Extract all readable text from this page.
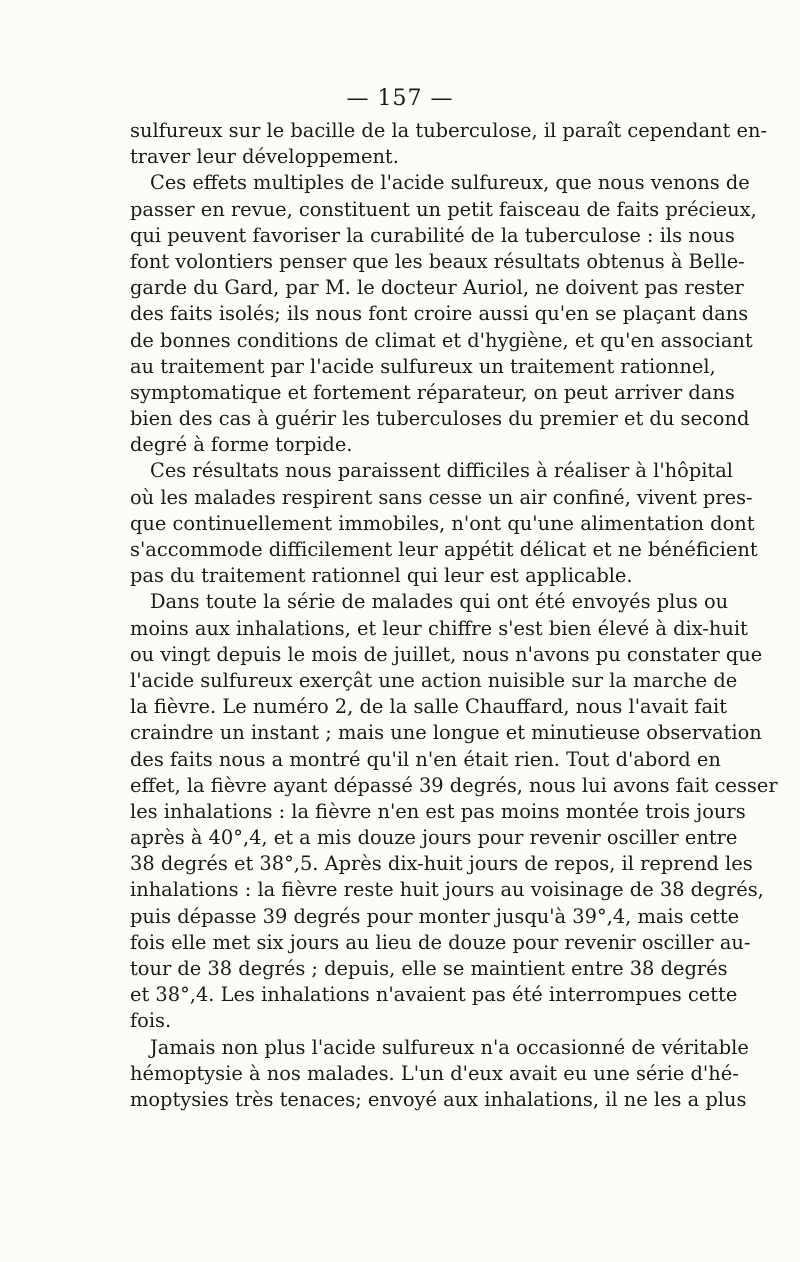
— 157 —
sulfureux sur le bacille de la tuberculose, il paraît cependant en-
traver leur développement.
Ces effets multiples de l'acide sulfureux, que nous venons de
passer en revue, constituent un petit faisceau de faits précieux,
qui peuvent favoriser la curabilité de la tuberculose : ils nous
font volontiers penser que les beaux résultats obtenus à Belle-
garde du Gard, par M. le docteur Auriol, ne doivent pas rester
des faits isolés; ils nous font croire aussi qu'en se plaçant dans
de bonnes conditions de climat et d'hygiène, et qu'en associant
au traitement par l'acide sulfureux un traitement rationnel,
symptomatique et fortement réparateur, on peut arriver dans
bien des cas à guérir les tuberculoses du premier et du second
degré à forme torpide.
Ces résultats nous paraissent difficiles à réaliser à l'hôpital
où les malades respirent sans cesse un air confiné, vivent pres-
que continuellement immobiles, n'ont qu'une alimentation dont
s'accommode difficilement leur appétit délicat et ne bénéficient
pas du traitement rationnel qui leur est applicable.
Dans toute la série de malades qui ont été envoyés plus ou
moins aux inhalations, et leur chiffre s'est bien élevé à dix-huit
ou vingt depuis le mois de juillet, nous n'avons pu constater que
l'acide sulfureux exerçât une action nuisible sur la marche de
la fièvre. Le numéro 2, de la salle Chauffard, nous l'avait fait
craindre un instant ; mais une longue et minutieuse observation
des faits nous a montré qu'il n'en était rien. Tout d'abord en
effet, la fièvre ayant dépassé 39 degrés, nous lui avons fait cesser
les inhalations : la fièvre n'en est pas moins montée trois jours
après à 40°,4, et a mis douze jours pour revenir osciller entre
38 degrés et 38°,5. Après dix-huit jours de repos, il reprend les
inhalations : la fièvre reste huit jours au voisinage de 38 degrés,
puis dépasse 39 degrés pour monter jusqu'à 39°,4, mais cette
fois elle met six jours au lieu de douze pour revenir osciller au-
tour de 38 degrés ; depuis, elle se maintient entre 38 degrés
et 38°,4. Les inhalations n'avaient pas été interrompues cette
fois.
Jamais non plus l'acide sulfureux n'a occasionné de véritable
hémoptysie à nos malades. L'un d'eux avait eu une série d'hé-
moptysies très tenaces; envoyé aux inhalations, il ne les a plus
